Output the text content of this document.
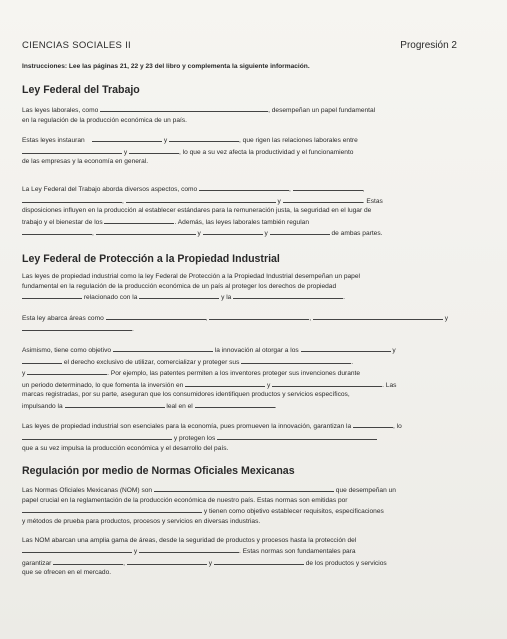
CIENCIAS SOCIALES II	Progresión 2
Instrucciones: Lee las páginas 21, 22 y 23 del libro y complementa la siguiente información.
Ley Federal del Trabajo

Las leyes laborales, como	, desempeñan un papel fundamental
en la regulación de la producción económica de un país.

Estas leyes instauran	y	, que rigen las relaciones laborales entre
y	, lo que a su vez afecta la productividad y el funcionamiento
de las empresas y la economía en general.

La Ley Federal del Trabajo aborda diversos aspectos, como	,	,
,	y	. Estas
disposiciones influyen en la producción al establecer estándares para la remuneración justa, la seguridad en el lugar de
trabajo y el bienestar de los	. Además, las leyes laborales también regulan
,	y	y	de ambas partes.

Ley Federal de Protección a la Propiedad Industrial

Las leyes de propiedad industrial como la ley Federal de Protección a la Propiedad Industrial desempeñan un papel
fundamental en la regulación de la producción económica de un país al proteger los derechos de propiedad
relacionado con la	y la	.

Esta ley abarca áreas como	,	,	y
.

Asimismo, tiene como objetivo	la innovación al otorgar a los	y
el derecho exclusivo de utilizar, comercializar y proteger sus	.
y	. Por ejemplo, las patentes permiten a los inventores proteger sus invenciones durante
un periodo determinado, lo que fomenta la inversión en	y	. Las
marcas registradas, por su parte, aseguran que los consumidores identifiquen productos y servicios específicos,
impulsando la	leal en el	.

Las leyes de propiedad industrial son esenciales para la economía, pues promueven la innovación, garantizan la	, lo
y protegen los
que a su vez impulsa la producción económica y el desarrollo del país.

Regulación por medio de Normas Oficiales Mexicanas

Las Normas Oficiales Mexicanas (NOM) son	que desempeñan un
papel crucial en la reglamentación de la producción económica de nuestro país. Estas normas son emitidas por
y tienen como objetivo establecer requisitos, especificaciones
y métodos de prueba para productos, procesos y servicios en diversas industrias.

Las NOM abarcan una amplia gama de áreas, desde la seguridad de productos y procesos hasta la protección del
y	. Estas normas son fundamentales para
garantizar	,	y	de los productos y servicios
que se ofrecen en el mercado.
